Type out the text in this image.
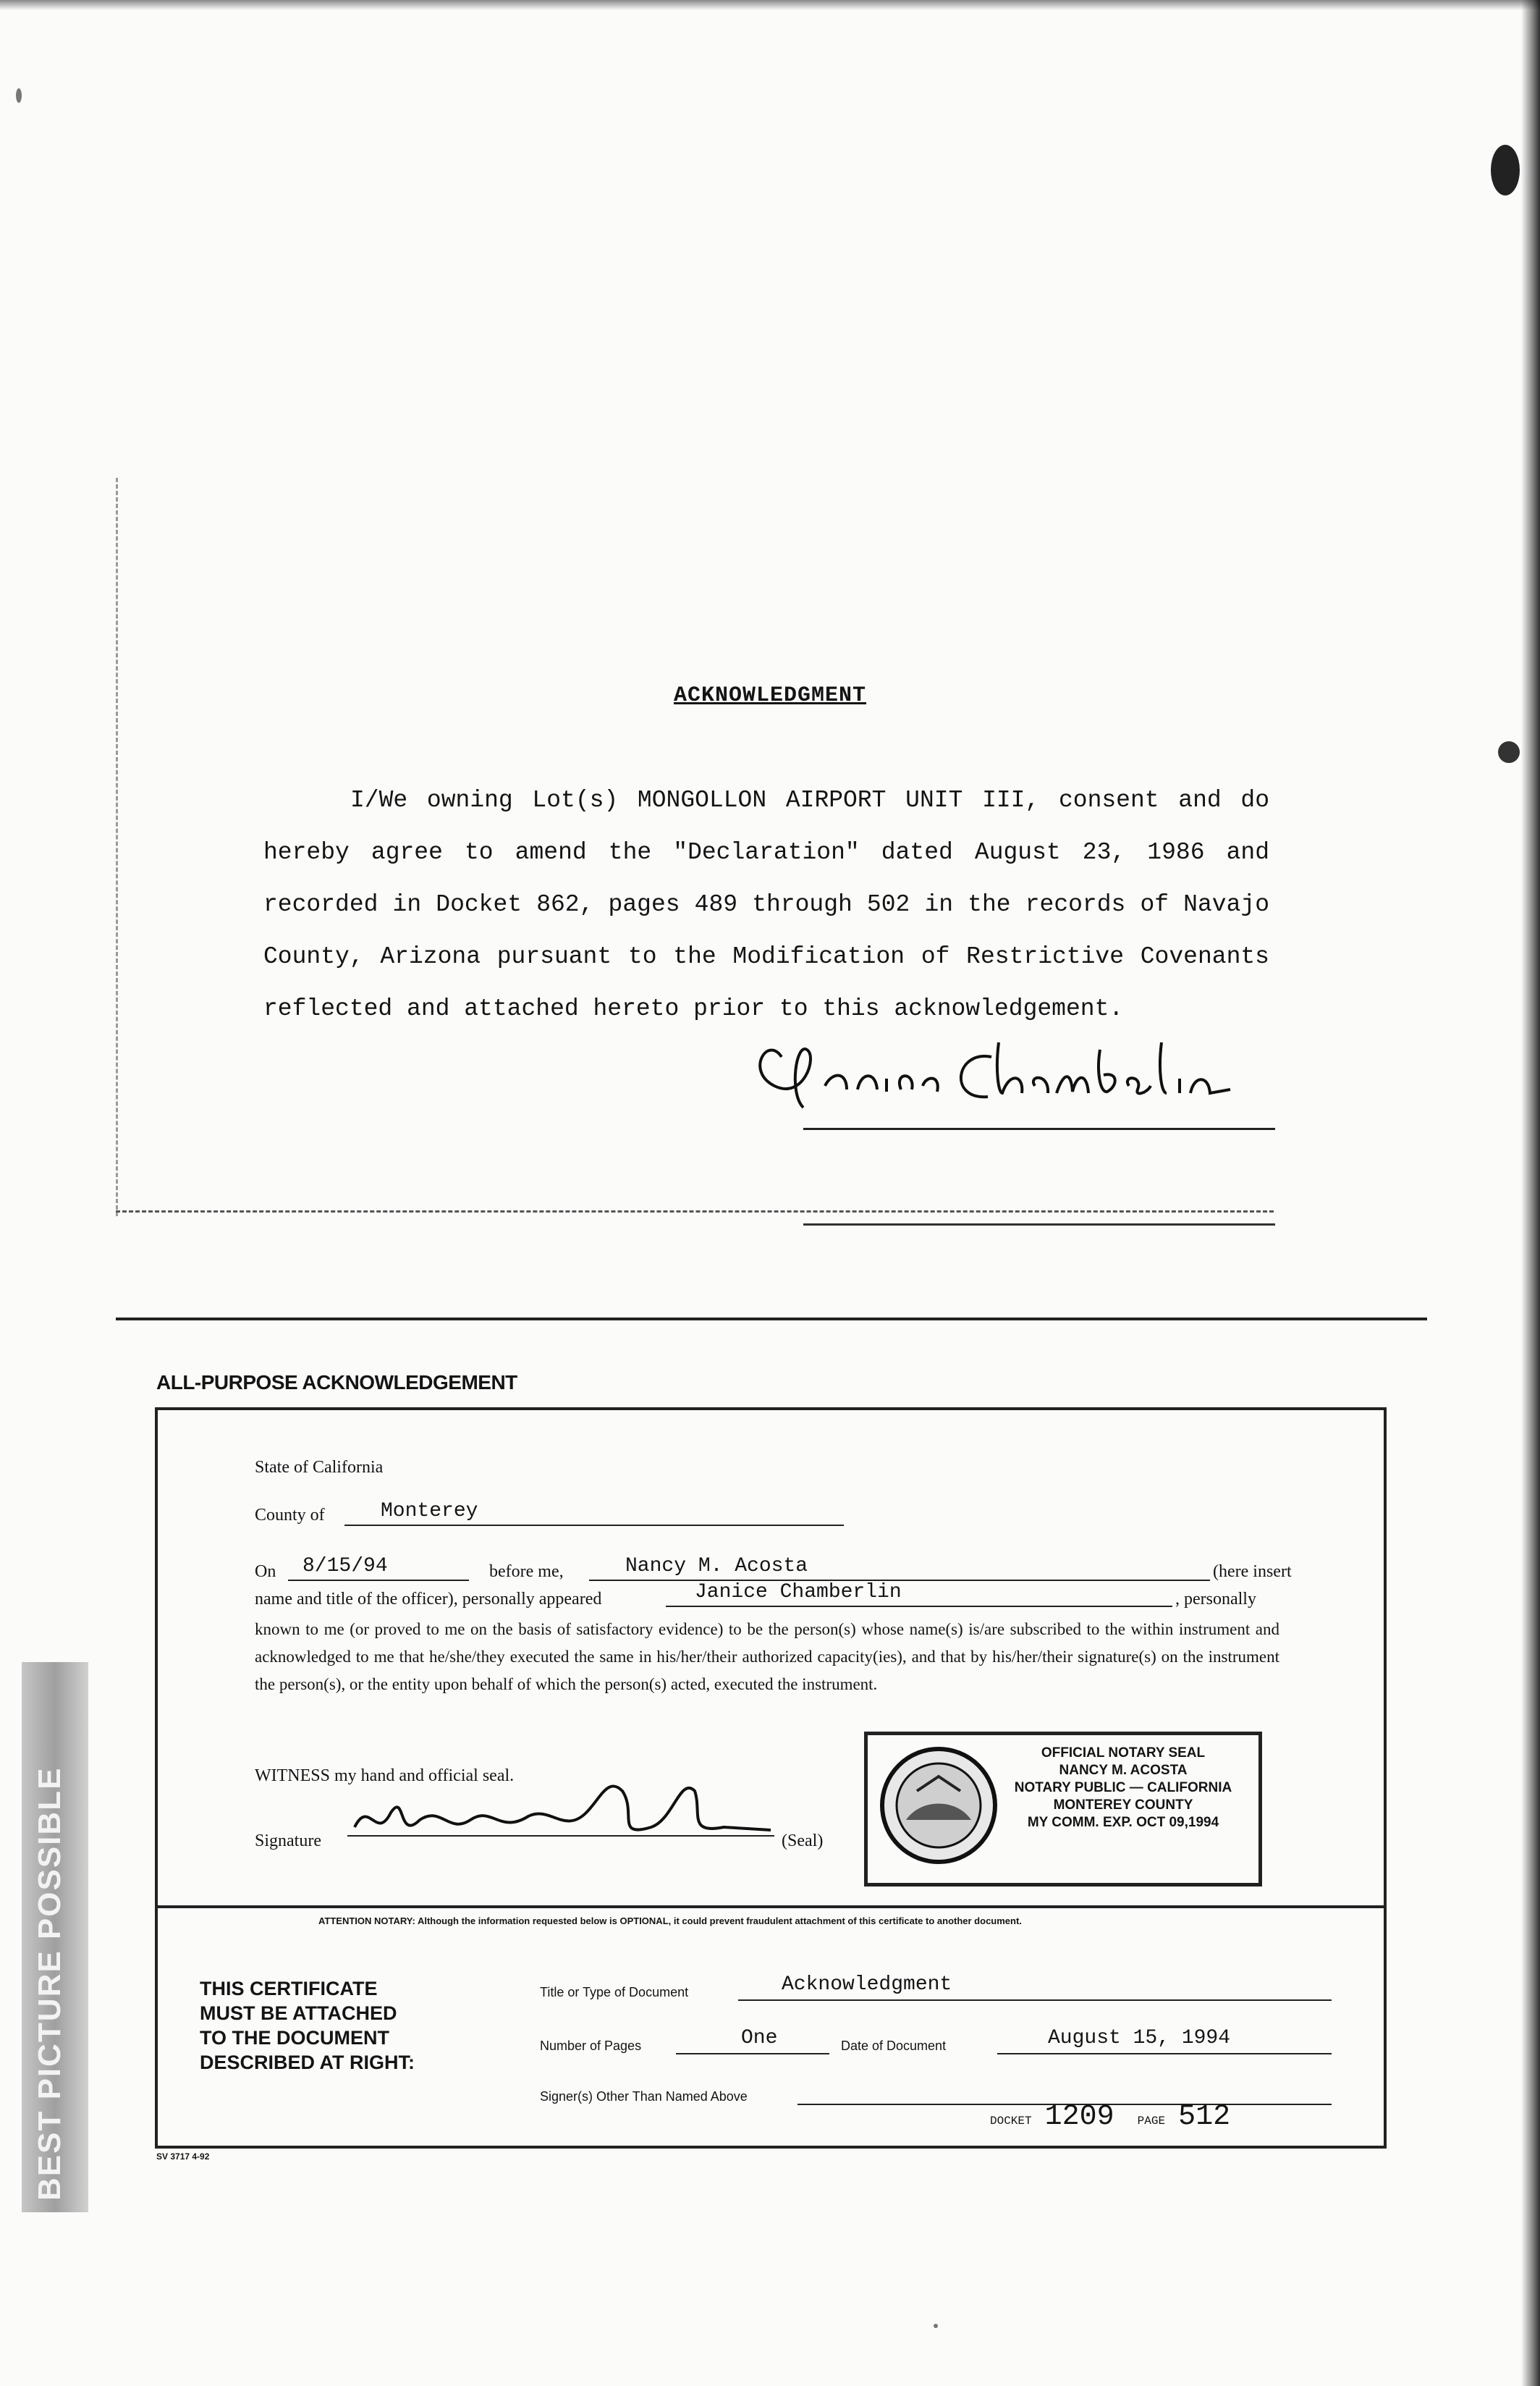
ACKNOWLEDGMENT
I/We owning Lot(s) MONGOLLON AIRPORT UNIT III, consent and do hereby agree to amend the "Declaration" dated August 23, 1986 and recorded in Docket 862, pages 489 through 502 in the records of Navajo County, Arizona pursuant to the Modification of Restrictive Covenants reflected and attached hereto prior to this acknowledgement.
ALL-PURPOSE ACKNOWLEDGEMENT
State of California
County of	Monterey
On 8/15/94	before me,	Nancy M. Acosta	(here insert
name and title of the officer), personally appeared	Janice Chamberlin	, personally
known to me (or proved to me on the basis of satisfactory evidence) to be the person(s) whose name(s) is/are subscribed to the within instrument and acknowledged to me that he/she/they executed the same in his/her/their authorized capacity(ies), and that by his/her/their signature(s) on the instrument the person(s), or the entity upon behalf of which the person(s) acted, executed the instrument.
WITNESS my hand and official seal.
Signature	(Seal)
OFFICIAL NOTARY SEAL
NANCY M. ACOSTA
NOTARY PUBLIC — CALIFORNIA
MONTEREY COUNTY
MY COMM. EXP. OCT 09,1994
ATTENTION NOTARY: Although the information requested below is OPTIONAL, it could prevent fraudulent attachment of this certificate to another document.
THIS CERTIFICATE
MUST BE ATTACHED
TO THE DOCUMENT
DESCRIBED AT RIGHT:
Title or Type of Document	Acknowledgment
Number of Pages	One	Date of Document	August 15, 1994
Signer(s) Other Than Named Above
DOCKET 1209 PAGE 512
SV 3717 4-92
BEST PICTURE POSSIBLE
